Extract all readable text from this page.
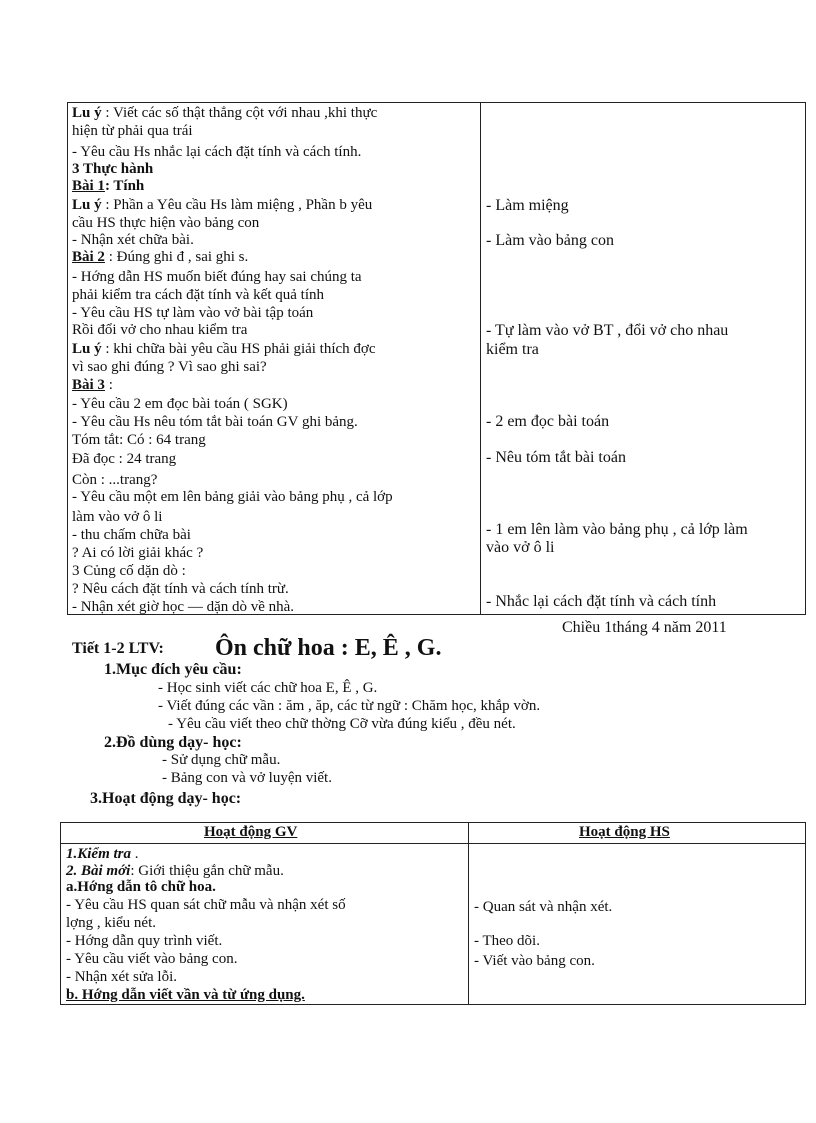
Lu ý : Viết các số thật thẳng cột với nhau ,khi thực
hiện từ phải qua trái
- Yêu cầu Hs nhắc lại cách đặt tính và cách tính.
3 Thực hành
Bài 1: Tính
Lu ý : Phần a Yêu cầu Hs làm miệng , Phần b yêu
cầu HS thực hiện vào bảng con
- Nhận xét chữa bài.
Bài 2 : Đúng ghi đ , sai ghi s.
- Hớng dẫn HS muốn biết đúng hay sai chúng ta
phải kiểm tra cách đặt tính và kết quả tính
- Yêu cầu HS tự làm vào vở bài tập toán
Rồi đổi vở cho nhau kiểm tra
Lu ý : khi chữa bài yêu cầu HS phải giải thích đợc
vì sao ghi đúng ? Vì sao ghi sai?
Bài 3 :
- Yêu cầu 2 em đọc bài toán ( SGK)
- Yêu cầu Hs nêu tóm tắt bài toán GV ghi bảng.
Tóm tắt: Có : 64 trang
Đã đọc : 24 trang
Còn : ...trang?
- Yêu cầu một em lên bảng giải vào bảng phụ , cả lớp
làm vào vở ô li
- thu chấm chữa bài
? Ai có lời giải khác ?
3 Củng cố dặn dò :
? Nêu cách đặt tính và cách tính trừ.
- Nhận xét giờ học — dặn dò về nhà.
- Làm miệng
- Làm vào bảng con
- Tự làm vào vở BT , đổi vở cho nhau
kiểm tra
- 2 em đọc bài toán
- Nêu tóm tắt bài toán
- 1 em lên làm vào bảng phụ , cả lớp làm
vào vở ô li
- Nhắc lại cách đặt tính và cách tính
Chiều 1tháng 4 năm 2011
Tiết 1-2 LTV: Ôn chữ hoa : E, Ê , G.
1.Mục đích yêu cầu:
- Học sinh viết các chữ hoa E, Ê , G.
- Viết đúng các vần : ăm , ăp, các từ ngữ : Chăm học, khắp vờn.
- Yêu cầu viết theo chữ thờng Cỡ vừa đúng kiểu , đều nét.
2.Đồ dùng dạy- học:
- Sử dụng chữ mẫu.
- Bảng con và vở luyện viết.
3.Hoạt động dạy- học:
Hoạt động GV	Hoạt động HS
1.Kiểm tra .
2. Bài mới: Giới thiệu gắn chữ mẫu.
a.Hớng dẫn tô chữ hoa.
- Yêu cầu HS quan sát chữ mẫu và nhận xét số
lợng , kiểu nét.
- Hớng dẫn quy trình viết.
- Yêu cầu viết vào bảng con.
- Nhận xét sửa lỗi.
b. Hớng dẫn viết vần và từ ứng dụng.
- Quan sát và nhận xét.
- Theo dõi.
- Viết vào bảng con.
